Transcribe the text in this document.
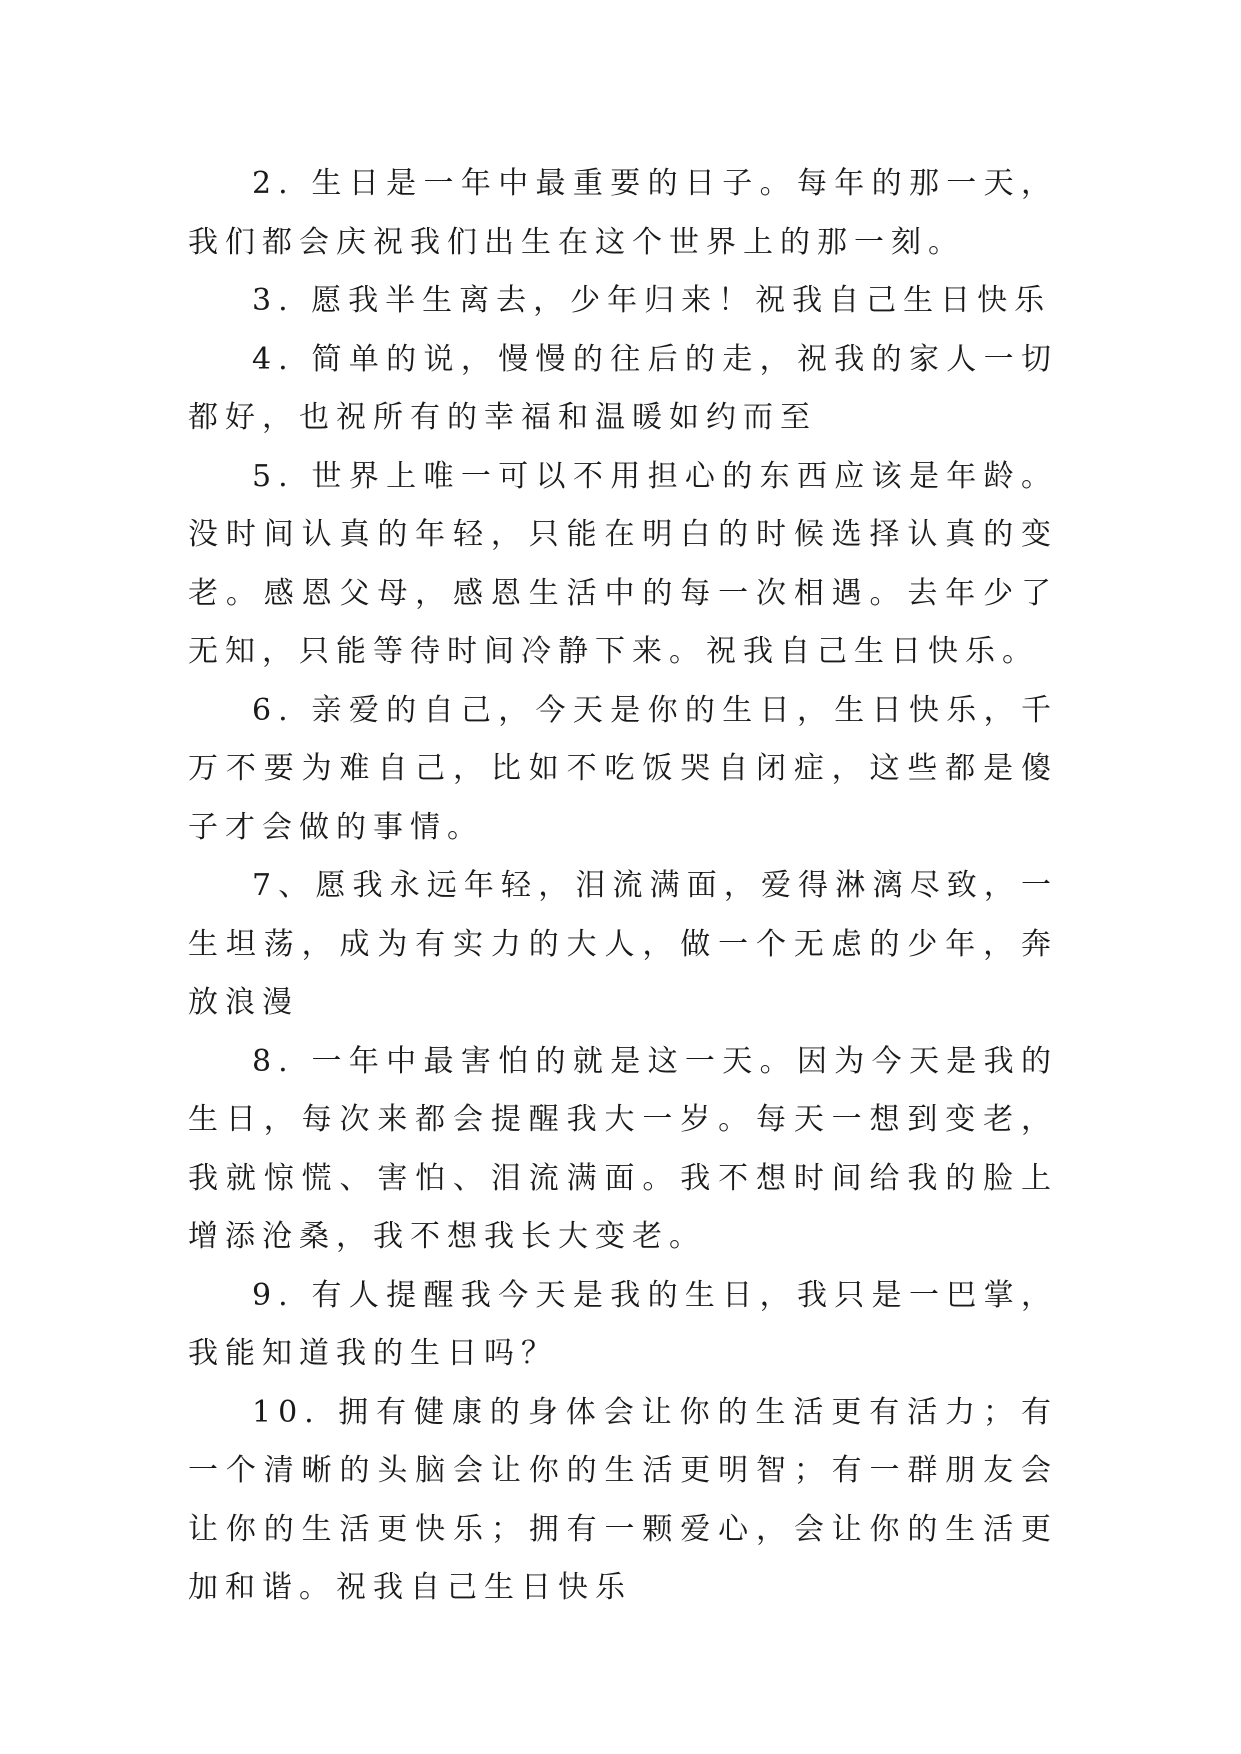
2. 生日是一年中最重要的日子。每年的那一天，我们都会庆祝我们出生在这个世界上的那一刻。

3. 愿我半生离去，少年归来！祝我自己生日快乐

4. 简单的说，慢慢的往后的走，祝我的家人一切都好，也祝所有的幸福和温暖如约而至

5. 世界上唯一可以不用担心的东西应该是年龄。没时间认真的年轻，只能在明白的时候选择认真的变老。感恩父母，感恩生活中的每一次相遇。去年少了无知，只能等待时间冷静下来。祝我自己生日快乐。

6. 亲爱的自己，今天是你的生日，生日快乐，千万不要为难自己，比如不吃饭哭自闭症，这些都是傻子才会做的事情。

7、愿我永远年轻，泪流满面，爱得淋漓尽致，一生坦荡，成为有实力的大人，做一个无虑的少年，奔放浪漫

8. 一年中最害怕的就是这一天。因为今天是我的生日，每次来都会提醒我大一岁。每天一想到变老，我就惊慌、害怕、泪流满面。我不想时间给我的脸上增添沧桑，我不想我长大变老。

9. 有人提醒我今天是我的生日，我只是一巴掌，我能知道我的生日吗？

10. 拥有健康的身体会让你的生活更有活力；有一个清晰的头脑会让你的生活更明智；有一群朋友会让你的生活更快乐；拥有一颗爱心，会让你的生活更加和谐。祝我自己生日快乐
